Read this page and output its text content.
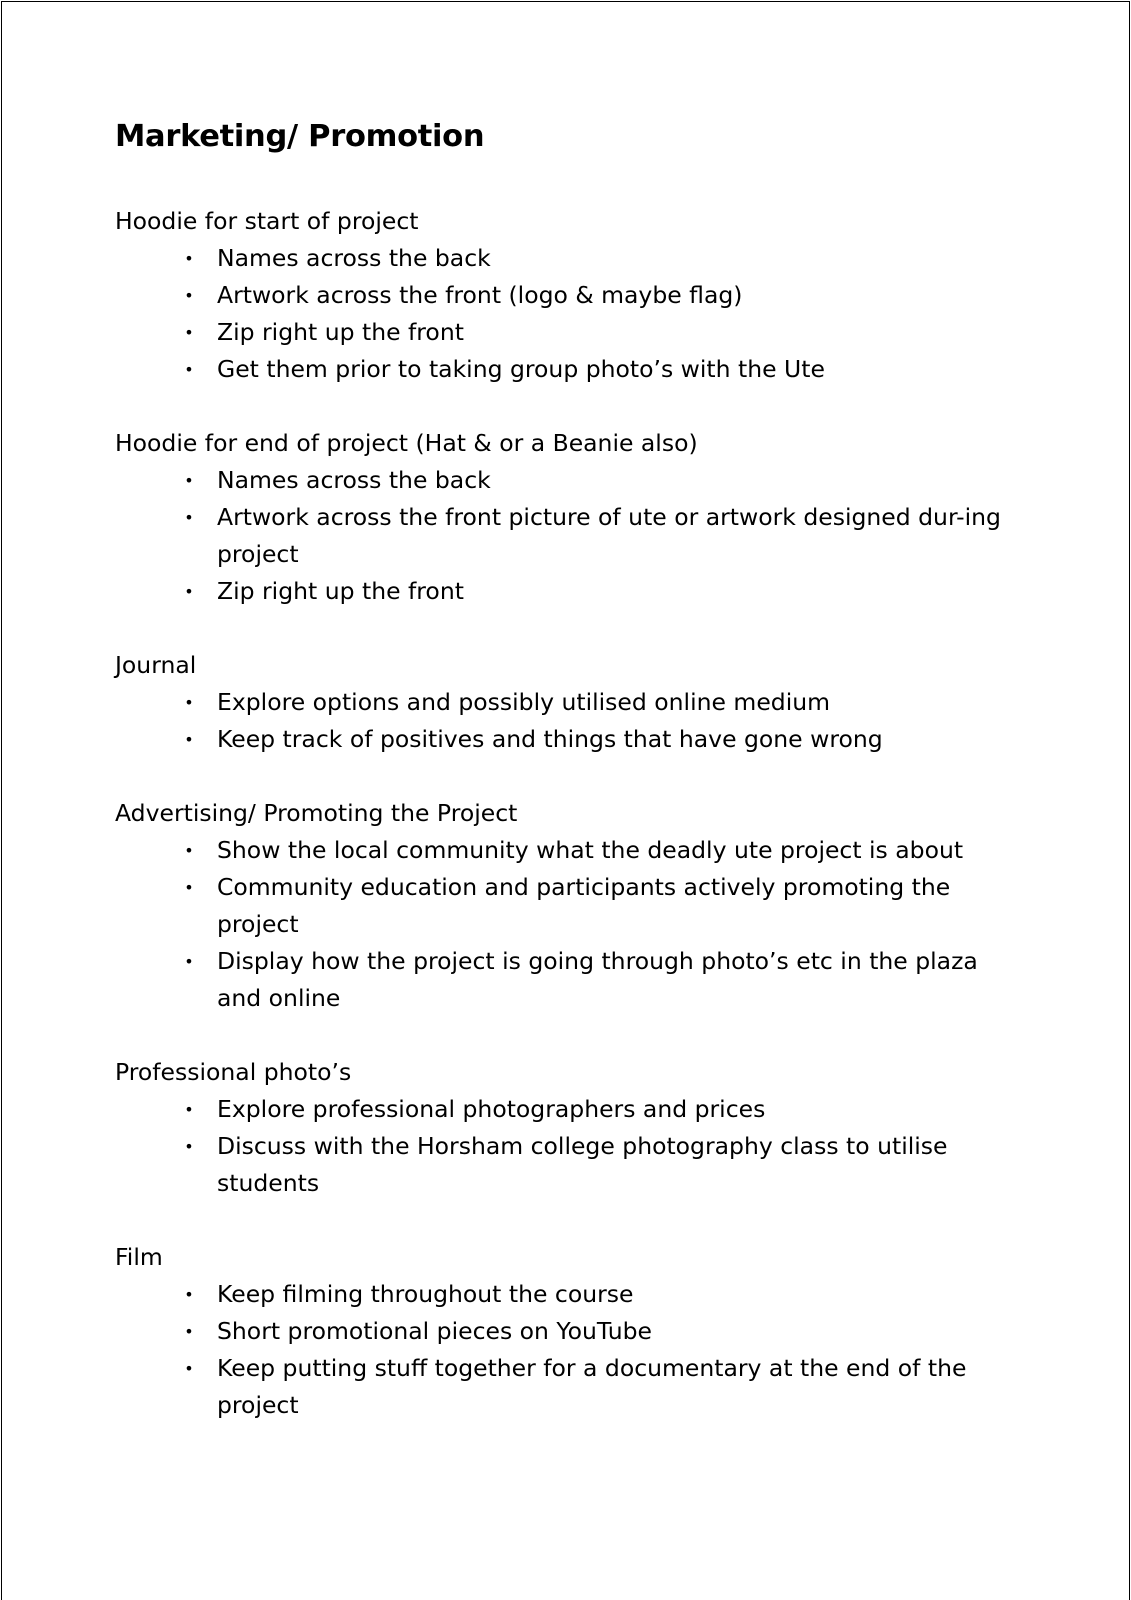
Marketing/ Promotion

Hoodie for start of project

• Names across the back
• Artwork across the front (logo & maybe flag)
• Zip right up the front
• Get them prior to taking group photo’s with the Ute

Hoodie for end of project (Hat & or a Beanie also)

• Names across the back
• Artwork across the front picture of ute or artwork designed dur-ing project
• Zip right up the front

Journal

• Explore options and possibly utilised online medium
• Keep track of positives and things that have gone wrong

Advertising/ Promoting the Project

• Show the local community what the deadly ute project is about
• Community education and participants actively promoting the project
• Display how the project is going through photo’s etc in the plaza and online

Professional photo’s

• Explore professional photographers and prices
• Discuss with the Horsham college photography class to utilise students

Film

• Keep filming throughout the course
• Short promotional pieces on YouTube
• Keep putting stuff together for a documentary at the end of the project
